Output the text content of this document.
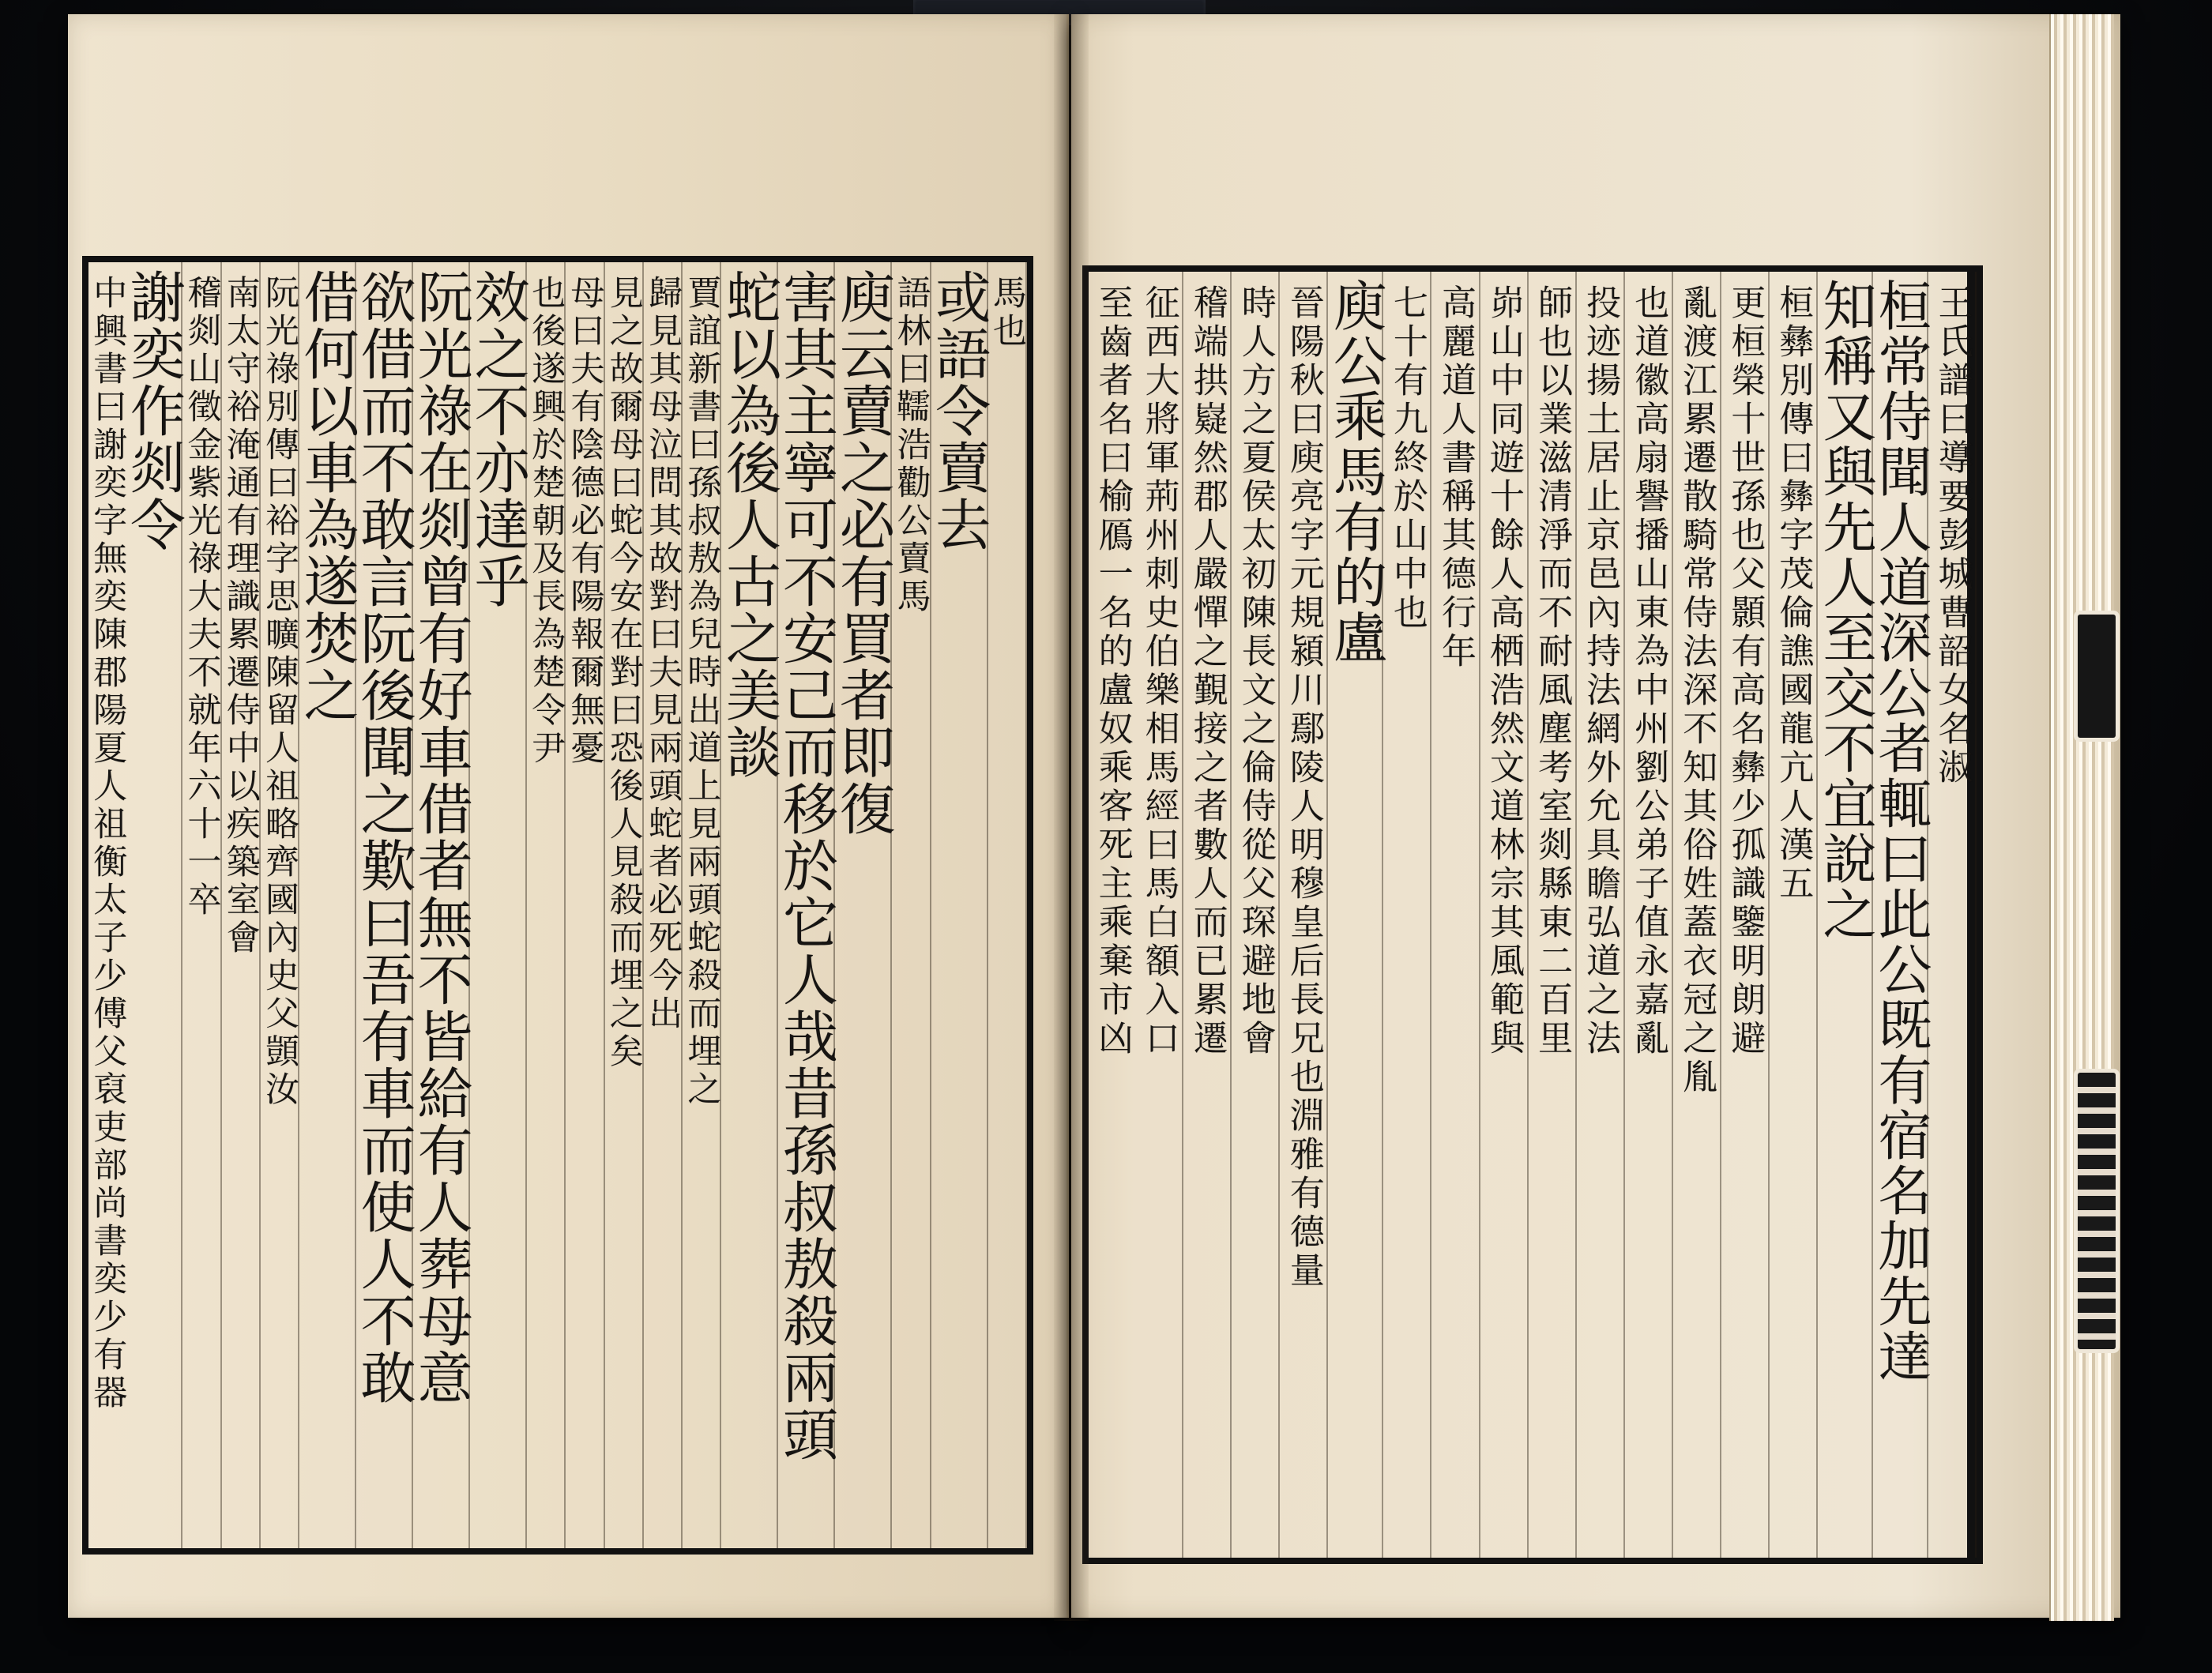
馬也
或語令賣去
語林曰𩍥浩勸公賣馬
庾云賣之必有買者即復
害其主寧可不安己而移於它人哉昔孫叔敖殺兩頭
蛇以為後人古之美談
賈誼新書曰孫叔敖為兒時出道上見兩頭蛇殺而埋之
歸見其母泣問其故對曰夫見兩頭蛇者必死今出
見之故爾母曰蛇今安在對曰恐後人見殺而埋之矣
母曰夫有陰德必有陽報爾無憂
也後遂興於楚朝及長為楚令尹
效之不亦達乎
阮光祿在剡曾有好車借者無不皆給有人葬母意
欲借而不敢言阮後聞之歎曰吾有車而使人不敢
借何以車為遂焚之
阮光祿別傳曰裕字思曠陳留人祖略齊國內史父顗汝
南太守裕淹通有理識累遷侍中以疾築室會
稽剡山徵金紫光祿大夫不就年六十一卒
謝奕作剡令
中興書曰謝奕字無奕陳郡陽夏人祖衡太子少傅父裒吏部尚書奕少有器	王氏譜曰導要彭城曹韶女名淑
桓常侍聞人道深公者輒曰此公既有宿名加先達
知稱又與先人至交不宜說之
桓彝別傳曰彝字茂倫譙國龍亢人漢五
更桓榮十世孫也父顥有高名彝少孤識鑒明朗避
亂渡江累遷散騎常侍法深不知其俗姓蓋衣冠之胤
也道徽高扇譽播山東為中州劉公弟子值永嘉亂
投迹揚土居止京邑內持法網外允具瞻弘道之法
師也以業滋清淨而不耐風塵考室剡縣東二百里
峁山中同遊十餘人高栖浩然文道林宗其風範與
高麗道人書稱其德行年
七十有九終於山中也
庾公乘馬有的盧
晉陽秋曰庾亮字元規潁川鄢陵人明穆皇后長兄也淵雅有德量
時人方之夏侯太初陳長文之倫侍從父琛避地會
稽端拱嶷然郡人嚴憚之覲接之者數人而已累遷
征西大將軍荊州刺史伯樂相馬經曰馬白額入口
至齒者名曰榆鴈一名的盧奴乘客死主乘棄市凶
